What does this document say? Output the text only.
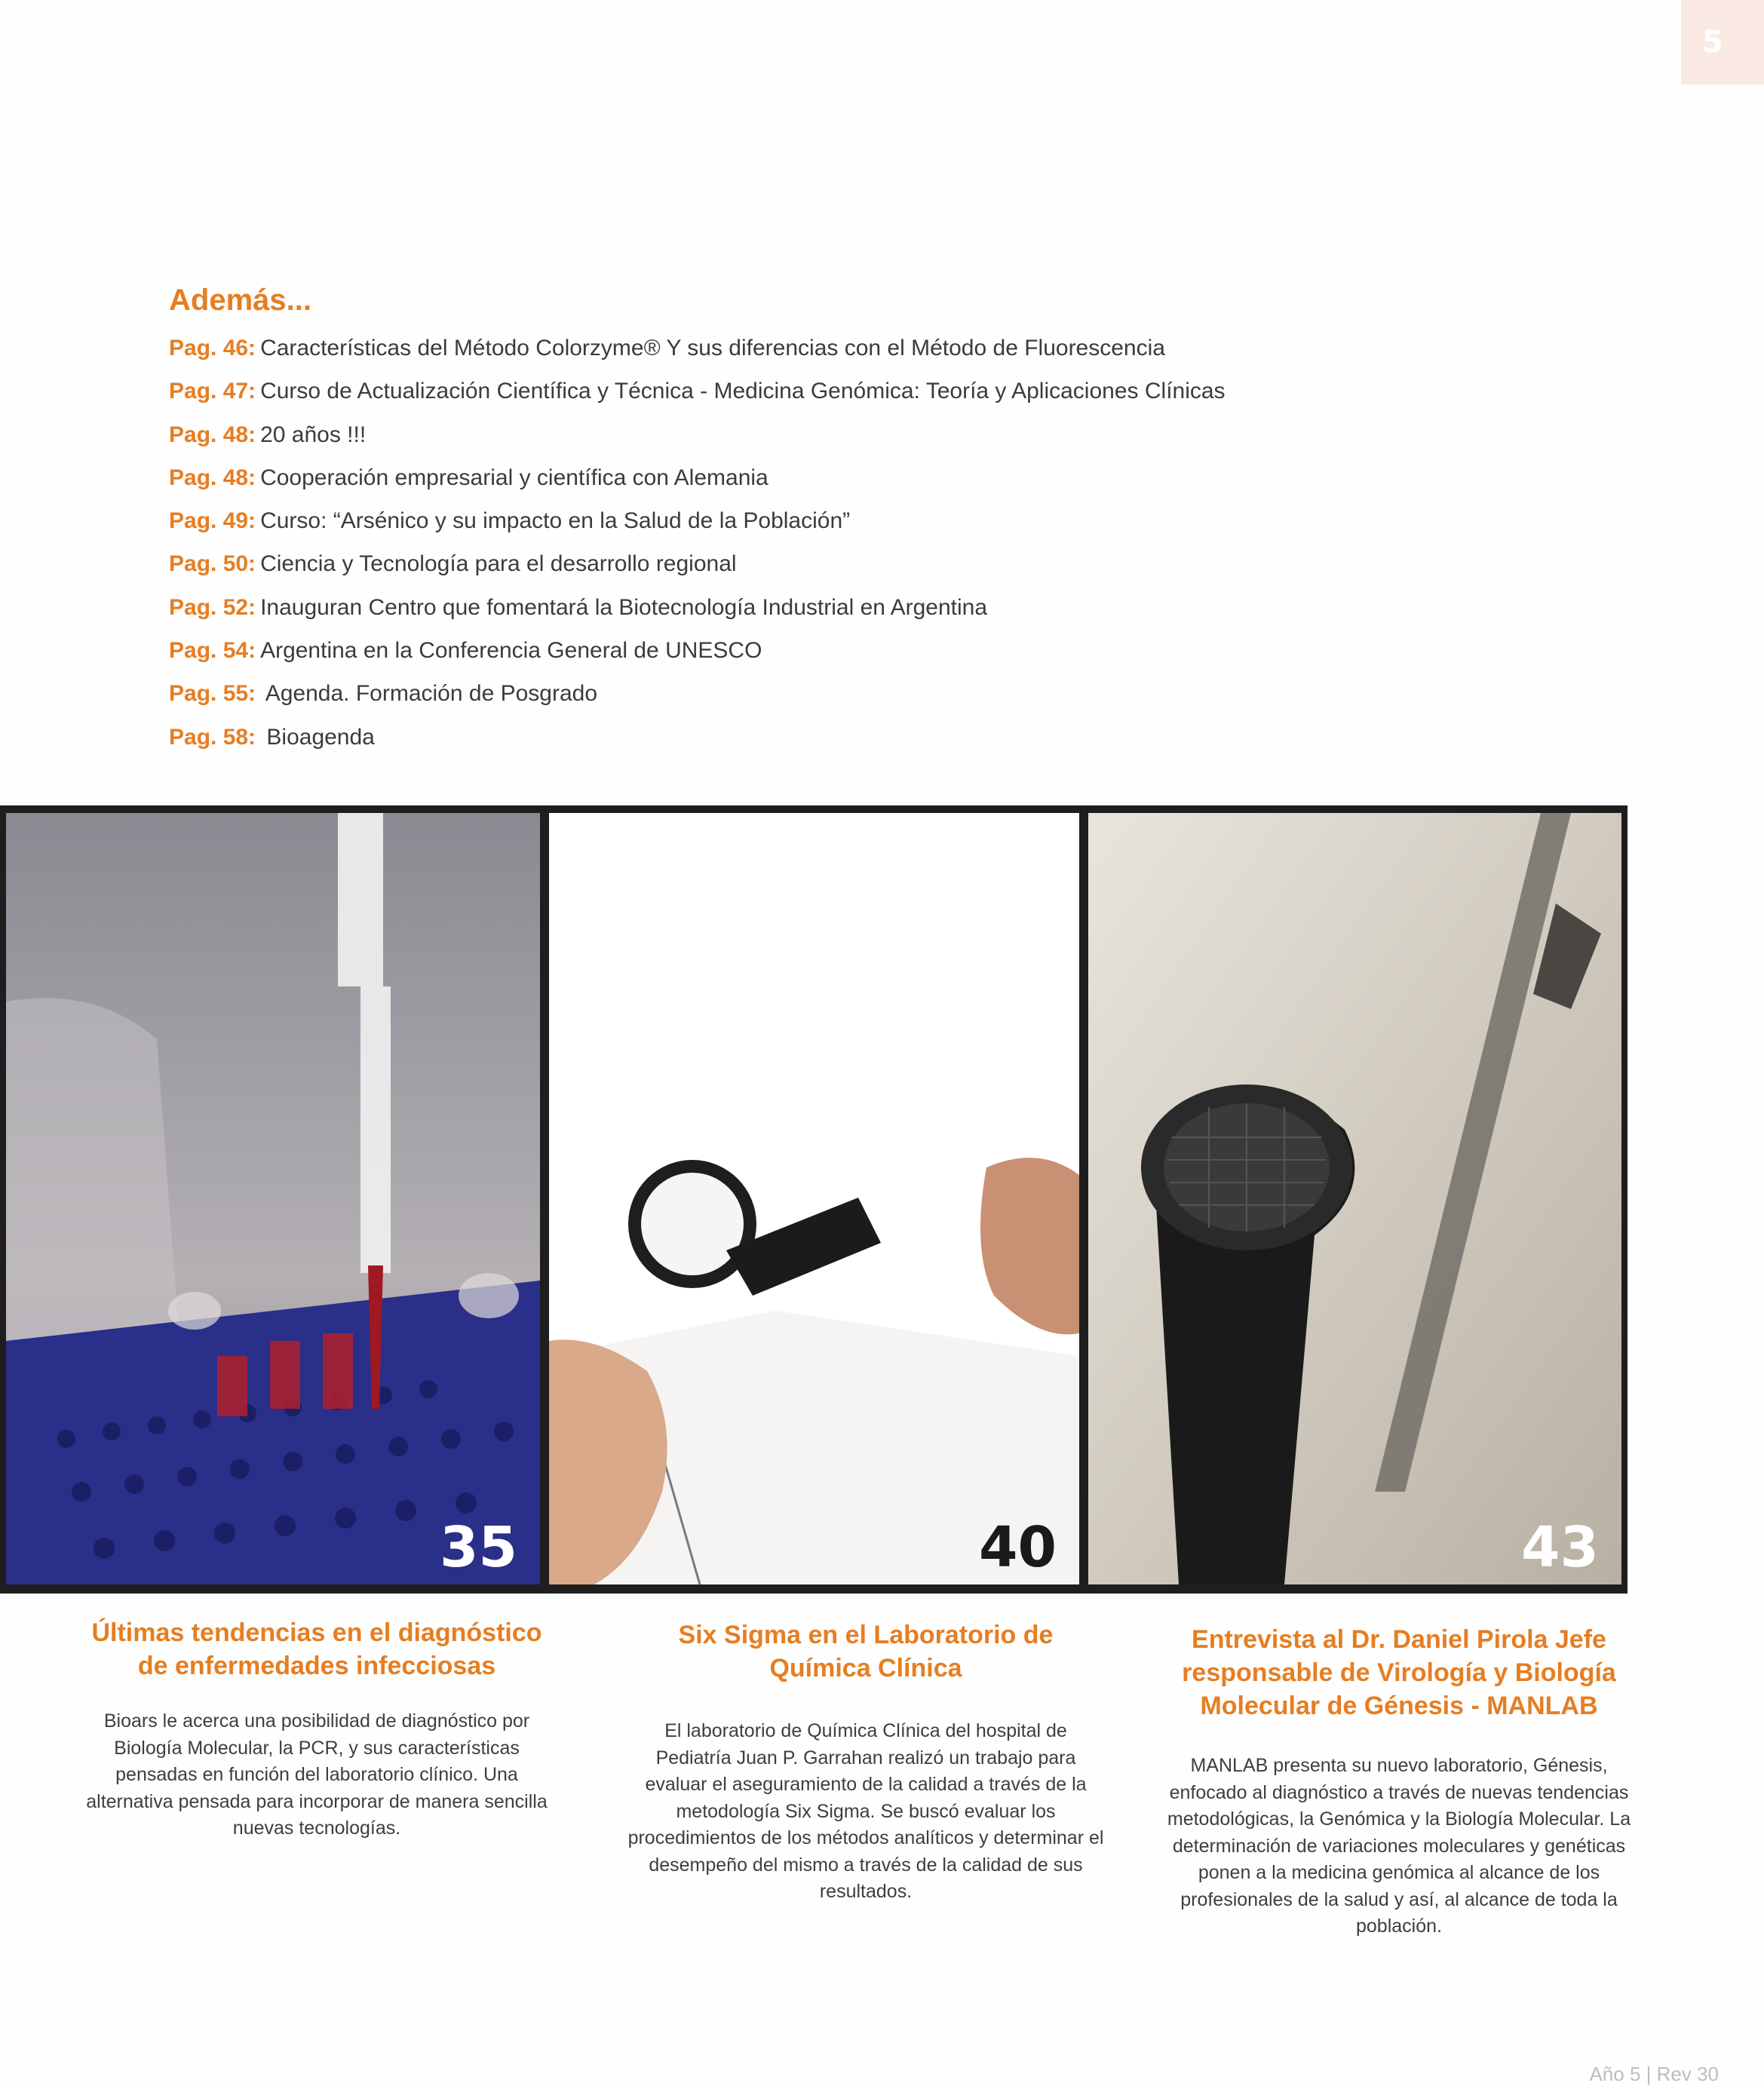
5
Además...
Pag. 46: Características del Método Colorzyme® Y sus diferencias con el Método de Fluorescencia
Pag. 47: Curso de Actualización Científica y Técnica - Medicina Genómica: Teoría y Aplicaciones Clínicas
Pag. 48: 20 años !!!
Pag. 48: Cooperación empresarial y científica con Alemania
Pag. 49: Curso: “Arsénico y su impacto en la Salud de la Población”
Pag. 50: Ciencia y Tecnología para el desarrollo regional
Pag. 52: Inauguran Centro que fomentará la Biotecnología Industrial en Argentina
Pag. 54: Argentina en la Conferencia General de UNESCO
Pag. 55: Agenda. Formación de Posgrado
Pag. 58: Bioagenda
35	40	43
Últimas tendencias en el diagnóstico de enfermedades infecciosas

Bioars le acerca una posibilidad de diagnóstico por Biología Molecular, la PCR, y sus características pensadas en función del laboratorio clínico. Una alternativa pensada para incorporar de manera sencilla nuevas tecnologías.

Six Sigma en el Laboratorio de Química Clínica

El laboratorio de Química Clínica del hospital de Pediatría Juan P. Garrahan realizó un trabajo para evaluar el aseguramiento de la calidad a través de la metodología Six Sigma. Se buscó evaluar los procedimientos de los métodos analíticos y determinar el desempeño del mismo a través de la calidad de sus resultados.

Entrevista al Dr. Daniel Pirola Jefe responsable de Virología y Biología Molecular de Génesis - MANLAB

MANLAB presenta su nuevo laboratorio, Génesis, enfocado al diagnóstico a través de nuevas tendencias metodológicas, la Genómica y la Biología Molecular. La determinación de variaciones moleculares y genéticas ponen a la medicina genómica al alcance de los profesionales de la salud y así, al alcance de toda la población.

Año 5 | Rev 30
